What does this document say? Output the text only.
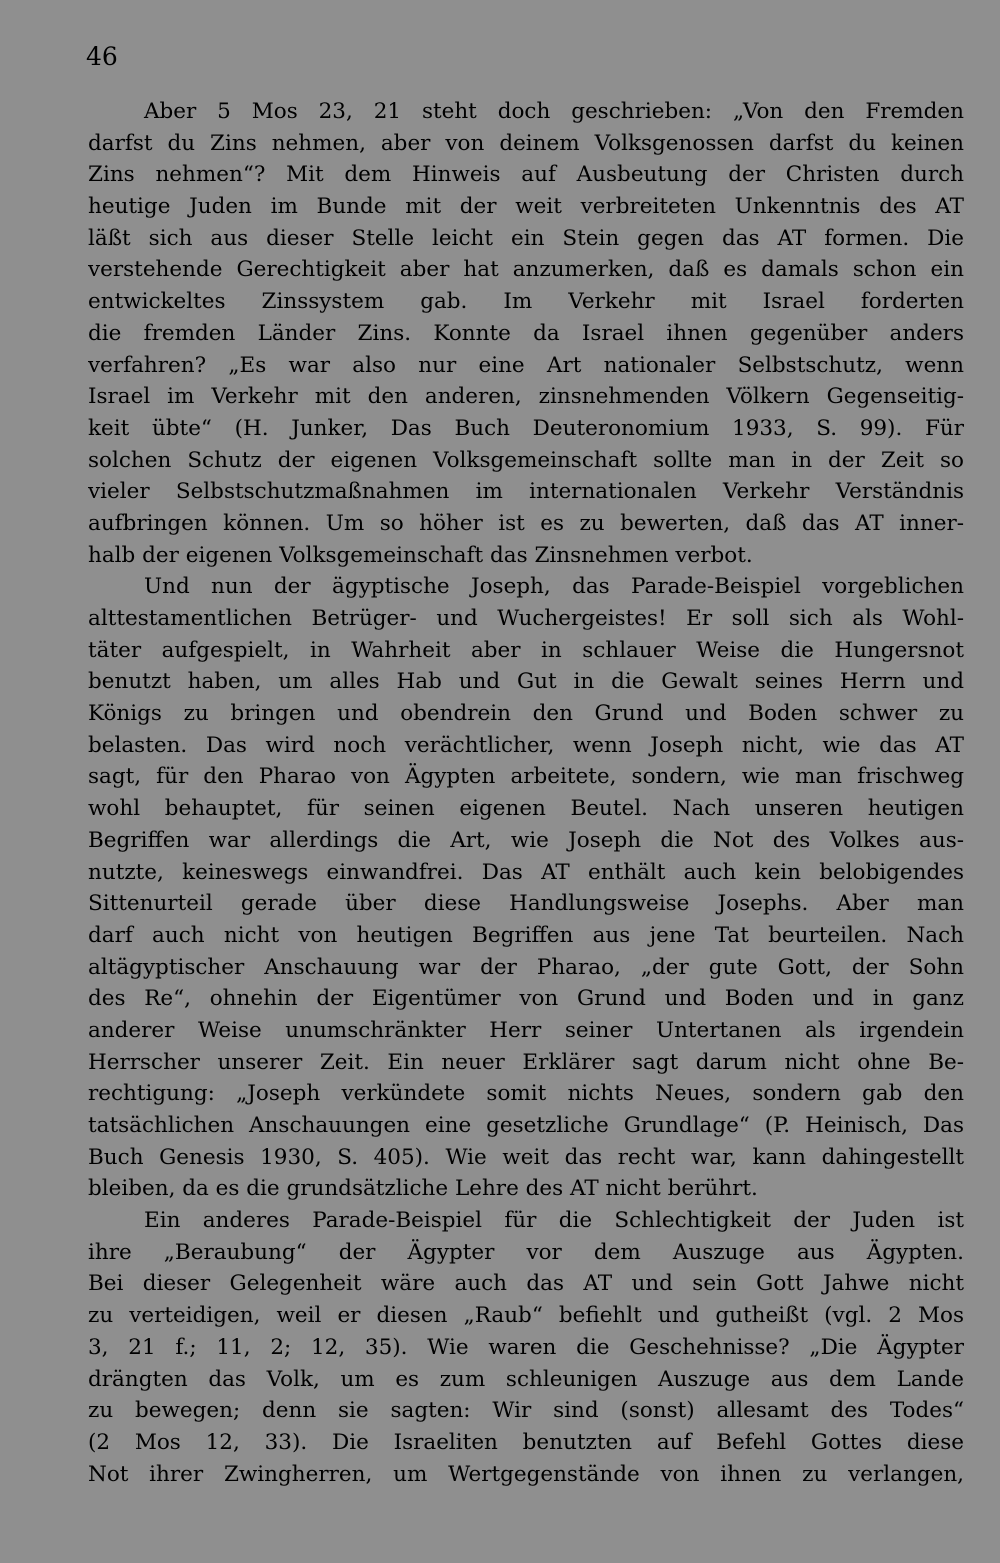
46

Aber 5 Mos 23, 21 steht doch geschrieben: „Von den Fremden
darfst du Zins nehmen, aber von deinem Volksgenossen darfst du keinen
Zins nehmen“? Mit dem Hinweis auf Ausbeutung der Christen durch
heutige Juden im Bunde mit der weit verbreiteten Unkenntnis des AT
läßt sich aus dieser Stelle leicht ein Stein gegen das AT formen. Die
verstehende Gerechtigkeit aber hat anzumerken, daß es damals schon ein
entwickeltes Zinssystem gab. Im Verkehr mit Israel forderten
die fremden Länder Zins. Konnte da Israel ihnen gegenüber anders
verfahren? „Es war also nur eine Art nationaler Selbstschutz, wenn
Israel im Verkehr mit den anderen, zinsnehmenden Völkern Gegenseitig-
keit übte“ (H. Junker, Das Buch Deuteronomium 1933, S. 99). Für
solchen Schutz der eigenen Volksgemeinschaft sollte man in der Zeit so
vieler Selbstschutzmaßnahmen im internationalen Verkehr Verständnis
aufbringen können. Um so höher ist es zu bewerten, daß das AT inner-
halb der eigenen Volksgemeinschaft das Zinsnehmen verbot.
Und nun der ägyptische Joseph, das Parade-Beispiel vorgeblichen
alttestamentlichen Betrüger- und Wuchergeistes! Er soll sich als Wohl-
täter aufgespielt, in Wahrheit aber in schlauer Weise die Hungersnot
benutzt haben, um alles Hab und Gut in die Gewalt seines Herrn und
Königs zu bringen und obendrein den Grund und Boden schwer zu
belasten. Das wird noch verächtlicher, wenn Joseph nicht, wie das AT
sagt, für den Pharao von Ägypten arbeitete, sondern, wie man frischweg
wohl behauptet, für seinen eigenen Beutel. Nach unseren heutigen
Begriffen war allerdings die Art, wie Joseph die Not des Volkes aus-
nutzte, keineswegs einwandfrei. Das AT enthält auch kein belobigendes
Sittenurteil gerade über diese Handlungsweise Josephs. Aber man
darf auch nicht von heutigen Begriffen aus jene Tat beurteilen. Nach
altägyptischer Anschauung war der Pharao, „der gute Gott, der Sohn
des Re“, ohnehin der Eigentümer von Grund und Boden und in ganz
anderer Weise unumschränkter Herr seiner Untertanen als irgendein
Herrscher unserer Zeit. Ein neuer Erklärer sagt darum nicht ohne Be-
rechtigung: „Joseph verkündete somit nichts Neues, sondern gab den
tatsächlichen Anschauungen eine gesetzliche Grundlage“ (P. Heinisch, Das
Buch Genesis 1930, S. 405). Wie weit das recht war, kann dahingestellt
bleiben, da es die grundsätzliche Lehre des AT nicht berührt.
Ein anderes Parade-Beispiel für die Schlechtigkeit der Juden ist
ihre „Beraubung“ der Ägypter vor dem Auszuge aus Ägypten.
Bei dieser Gelegenheit wäre auch das AT und sein Gott Jahwe nicht
zu verteidigen, weil er diesen „Raub“ befiehlt und gutheißt (vgl. 2 Mos
3, 21 f.; 11, 2; 12, 35). Wie waren die Geschehnisse? „Die Ägypter
drängten das Volk, um es zum schleunigen Auszuge aus dem Lande
zu bewegen; denn sie sagten: Wir sind (sonst) allesamt des Todes“
(2 Mos 12, 33). Die Israeliten benutzten auf Befehl Gottes diese
Not ihrer Zwingherren, um Wertgegenstände von ihnen zu verlangen,
